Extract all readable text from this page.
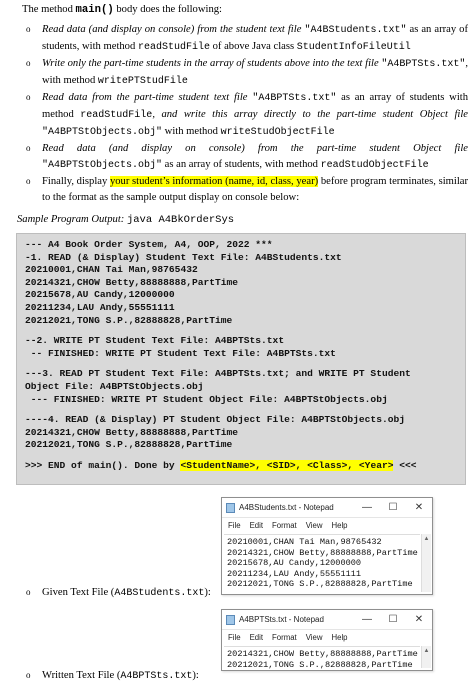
The method main() body does the following:
o	Read data (and display on console) from the student text file "A4BStudents.txt" as an array of students, with method readStudFile of above Java class StudentInfoFileUtil
o	Write only the part-time students in the array of students above into the text file "A4BPTSts.txt", with method writePTStudFile
o	Read data from the part-time student text file "A4BPTSts.txt" as an array of students with method readStudFile, and write this array directly to the part-time student Object file "A4BPTStObjects.obj" with method writeStudObjectFile
o	Read data (and display on console) from the part-time student Object file "A4BPTStObjects.obj" as an array of students, with method readStudObjectFile
o	Finally, display your student’s information (name, id, class, year) before program terminates, similar to the format as the sample output display on console below:
Sample Program Output: java A4BkOrderSys
--- A4 Book Order System, A4, OOP, 2022 ***
-1. READ (& Display) Student Text File: A4BStudents.txt
20210001,CHAN Tai Man,98765432
20214321,CHOW Betty,88888888,PartTime
20215678,AU Candy,12000000
20211234,LAU Andy,55551111
20212021,TONG S.P.,82888828,PartTime
--2. WRITE PT Student Text File: A4BPTSts.txt
-- FINISHED: WRITE PT Student Text File: A4BPTSts.txt
---3. READ PT Student Text File: A4BPTSts.txt; and WRITE PT Student
Object File: A4BPTStObjects.obj
--- FINISHED: WRITE PT Student Object File: A4BPTStObjects.obj
----4. READ (& Display) PT Student Object File: A4BPTStObjects.obj
20214321,CHOW Betty,88888888,PartTime
20212021,TONG S.P.,82888828,PartTime
>>> END of main(). Done by <StudentName>, <SID>, <Class>, <Year> <<<
A4BStudents.txt - Notepad	—	☐	✕
File Edit Format View Help
20210001,CHAN Tai Man,98765432
20214321,CHOW Betty,88888888,PartTime
20215678,AU Candy,12000000
20211234,LAU Andy,55551111
20212021,TONG S.P.,82888828,PartTime
▲
o	Given Text File (A4BStudents.txt):
A4BPTSts.txt - Notepad	—	☐	✕
File Edit Format View Help
20214321,CHOW Betty,88888888,PartTime
20212021,TONG S.P.,82888828,PartTime
▲
o	Written Text File (A4BPTSts.txt):
